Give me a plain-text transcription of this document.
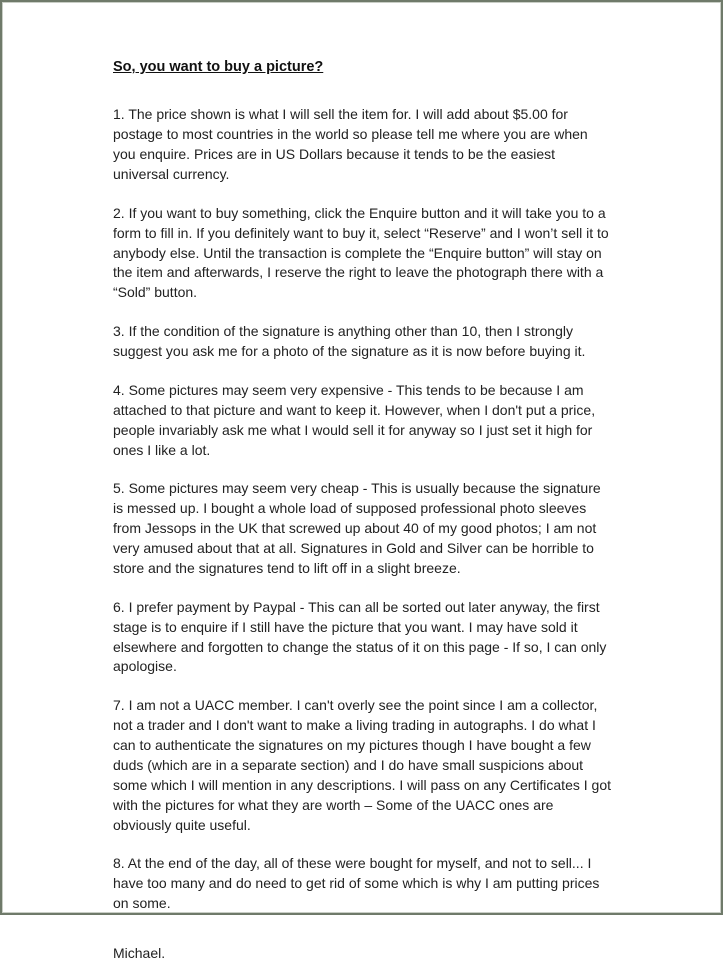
So, you want to buy a picture?

1. The price shown is what I will sell the item for. I will add about $5.00 for postage to most countries in the world so please tell me where you are when you enquire. Prices are in US Dollars because it tends to be the easiest universal currency.

2. If you want to buy something, click the Enquire button and it will take you to a form to fill in. If you definitely want to buy it, select “Reserve” and I won’t sell it to anybody else. Until the transaction is complete the “Enquire button” will stay on the item and afterwards, I reserve the right to leave the photograph there with a “Sold” button.

3. If the condition of the signature is anything other than 10, then I strongly suggest you ask me for a photo of the signature as it is now before buying it.

4. Some pictures may seem very expensive - This tends to be because I am attached to that picture and want to keep it. However, when I don't put a price, people invariably ask me what I would sell it for anyway so I just set it high for ones I like a lot.

5. Some pictures may seem very cheap - This is usually because the signature is messed up. I bought a whole load of supposed professional photo sleeves from Jessops in the UK that screwed up about 40 of my good photos; I am not very amused about that at all. Signatures in Gold and Silver can be horrible to store and the signatures tend to lift off in a slight breeze.

6. I prefer payment by Paypal - This can all be sorted out later anyway, the first stage is to enquire if I still have the picture that you want. I may have sold it elsewhere and forgotten to change the status of it on this page - If so, I can only apologise.

7. I am not a UACC member. I can't overly see the point since I am a collector, not a trader and I don't want to make a living trading in autographs. I do what I can to authenticate the signatures on my pictures though I have bought a few duds (which are in a separate section) and I do have small suspicions about some which I will mention in any descriptions. I will pass on any Certificates I got with the pictures for what they are worth – Some of the UACC ones are obviously quite useful.

8. At the end of the day, all of these were bought for myself, and not to sell... I have too many and do need to get rid of some which is why I am putting prices on some.

Michael.
